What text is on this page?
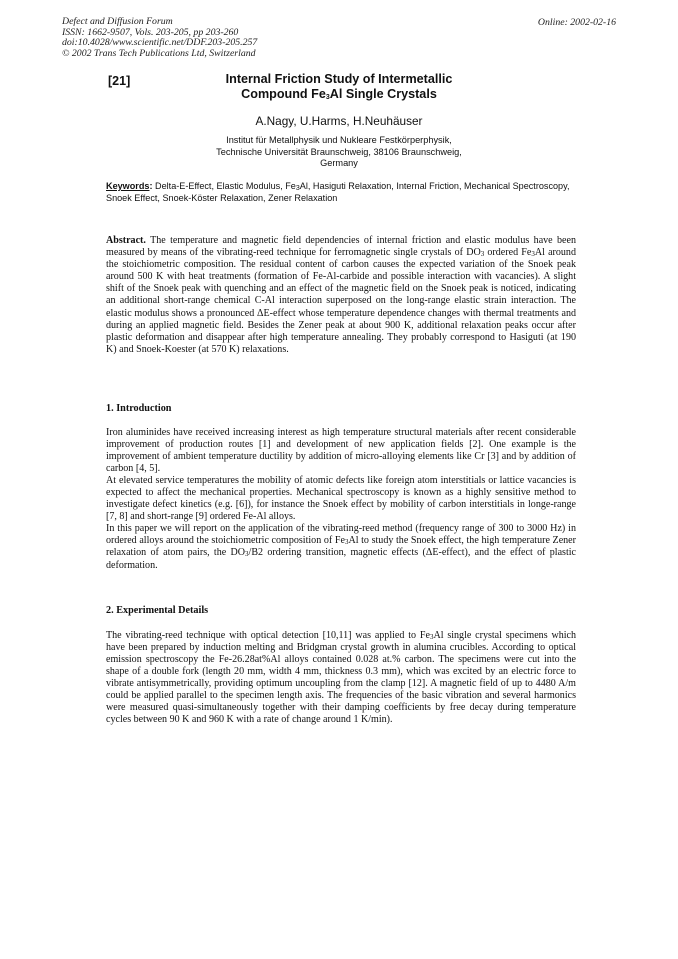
Defect and Diffusion Forum
ISSN: 1662-9507, Vols. 203-205, pp 203-260
doi:10.4028/www.scientific.net/DDF.203-205.257
© 2002 Trans Tech Publications Ltd, Switzerland
Online: 2002-02-16
[21]	Internal Friction Study of Intermetallic
Compound $Fe_3Al$ Single Crystals
A.Nagy, U.Harms, H.Neuhäuser
Institut für Metallphysik und Nukleare Festkörperphysik,
Technische Universität Braunschweig, 38106 Braunschweig,
Germany
Keywords: Delta-E-Effect, Elastic Modulus, $Fe_3Al$, Hasiguti Relaxation, Internal Friction, Mechanical Spectroscopy, Snoek Effect, Snoek-Köster Relaxation, Zener Relaxation
Abstract. The temperature and magnetic field dependencies of internal friction and elastic modulus have been measured by means of the vibrating-reed technique for ferromagnetic single crystals of $DO_3$ ordered $Fe_3Al$ around the stoichiometric composition. The residual content of carbon causes the expected variation of the Snoek peak around 500 K with heat treatments (formation of Fe-Al-carbide and possible interaction with vacancies). A slight shift of the Snoek peak with quenching and an effect of the magnetic field on the Snoek peak is noticed, indicating an additional short-range chemical C-Al interaction superposed on the long-range elastic strain interaction. The elastic modulus shows a pronounced ΔE-effect whose temperature dependence changes with thermal treatments and during an applied magnetic field. Besides the Zener peak at about 900 K, additional relaxation peaks occur after plastic deformation and disappear after high temperature annealing. They probably correspond to Hasiguti (at 190 K) and Snoek-Koester (at 570 K) relaxations.
1. Introduction

Iron aluminides have received increasing interest as high temperature structural materials after recent considerable improvement of production routes [1] and development of new application fields [2]. One example is the improvement of ambient temperature ductility by addition of micro-alloying elements like Cr [3] and by addition of carbon [4, 5].

At elevated service temperatures the mobility of atomic defects like foreign atom interstitials or lattice vacancies is expected to affect the mechanical properties. Mechanical spectroscopy is known as a highly sensitive method to investigate defect kinetics (e.g. [6]), for instance the Snoek effect by mobility of carbon interstitials in longe-range [7, 8] and short-range [9] ordered Fe-Al alloys.

In this paper we will report on the application of the vibrating-reed method (frequency range of 300 to 3000 Hz) in ordered alloys around the stoichiometric composition of $Fe_3Al$ to study the Snoek effect, the high temperature Zener relaxation of atom pairs, the $DO_3/B2$ ordering transition, magnetic effects (ΔE-effect), and the effect of plastic deformation.

2. Experimental Details

The vibrating-reed technique with optical detection [10,11] was applied to $Fe_3Al$ single crystal specimens which have been prepared by induction melting and Bridgman crystal growth in alumina crucibles. According to optical emission spectroscopy the Fe-26.28at%Al alloys contained 0.028 at.% carbon. The specimens were cut into the shape of a double fork (length 20 mm, width 4 mm, thickness 0.3 mm), which was excited by an electric force to vibrate antisymmetrically, providing optimum uncoupling from the clamp [12]. A magnetic field of up to 4480 A/m could be applied parallel to the specimen length axis. The frequencies of the basic vibration and several harmonics were measured quasi-simultaneously together with their damping coefficients by free decay during temperature cycles between 90 K and 960 K with a rate of change around 1 K/min).
